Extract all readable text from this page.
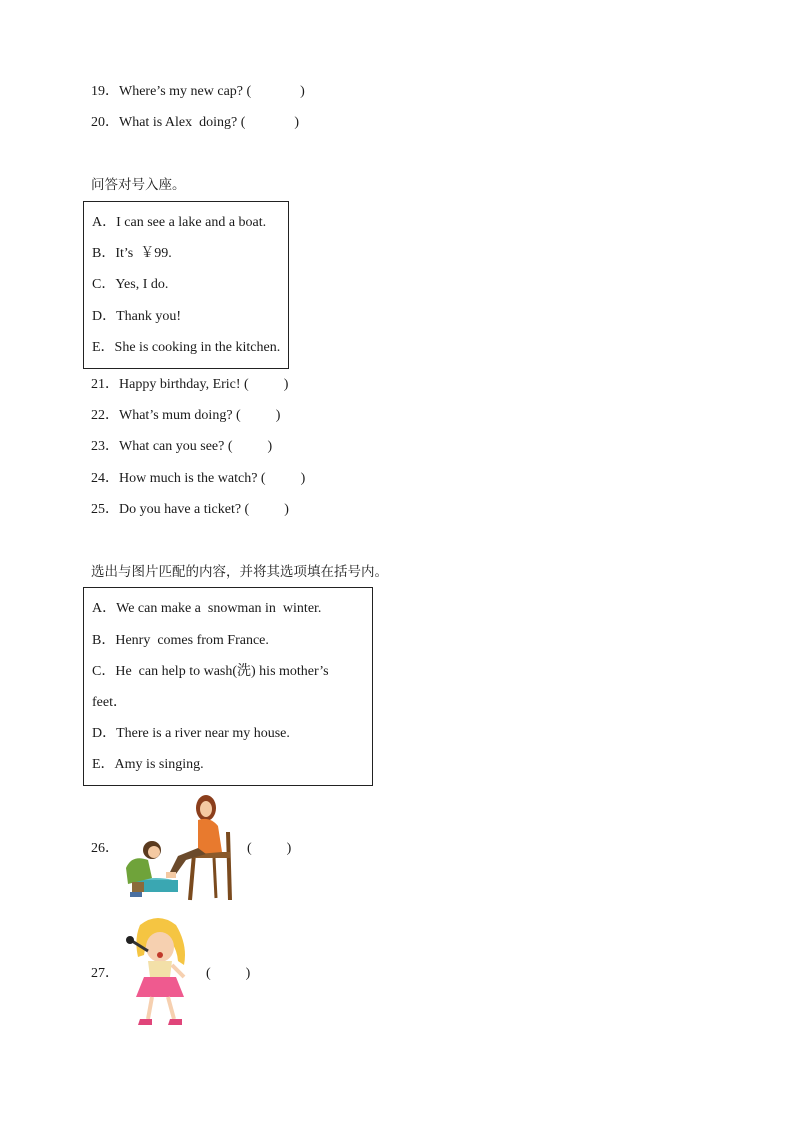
19．Where’s my new cap? (              )
20．What is Alex  doing? (              )
问答对号入座。
A．I can see a lake and a boat.
B．It’s  ￥99.
C．Yes, I do.
D．Thank you!
E．She is cooking in the kitchen.
21．Happy birthday, Eric! (          )
22．What’s mum doing? (          )
23．What can you see? (          )
24．How much is the watch? (          )
25．Do you have a ticket? (          )
选出与图片匹配的内容，并将其选项填在括号内。
A．We can make a  snowman in  winter.
B．Henry  comes from France.
C．He  can help to wash(洗) his mother’s
feet．
D．There is a river near my house.
E．Amy is singing.
26．	(          )
27．	(          )
